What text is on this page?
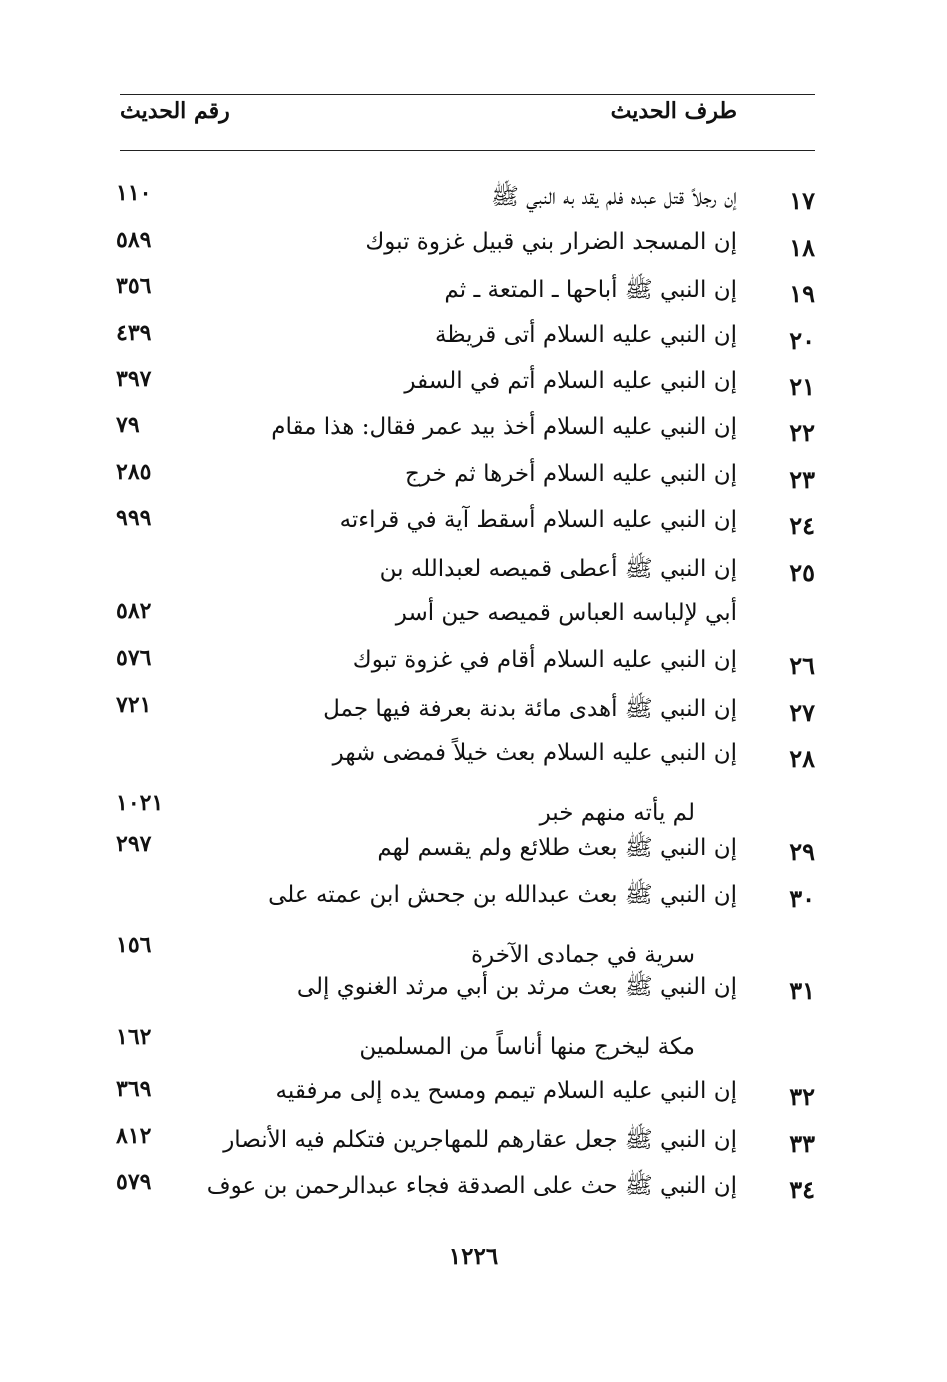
طرف الحديث
رقم الحديث
١٧
إن رجلاً قتل عبده فلم يقد به النبي ﷺ
١١٠
١٨
إن المسجد الضرار بني قبيل غزوة تبوك
٥٨٩
١٩
إن النبي ﷺ أباحها ـ المتعة ـ ثم
٣٥٦
٢٠
إن النبي عليه السلام أتى قريظة
٤٣٩
٢١
إن النبي عليه السلام أتم في السفر
٣٩٧
٢٢
إن النبي عليه السلام أخذ بيد عمر فقال: هذا مقام
٧٩
٢٣
إن النبي عليه السلام أخرها ثم خرج
٢٨٥
٢٤
إن النبي عليه السلام أسقط آية في قراءته
٩٩٩
٢٥
إن النبي ﷺ أعطى قميصه لعبدالله بن
أبي لإلباسه العباس قميصه حين أسر
٥٨٢
٢٦
إن النبي عليه السلام أقام في غزوة تبوك
٥٧٦
٢٧
إن النبي ﷺ أهدى مائة بدنة بعرفة فيها جمل
٧٢١
٢٨
إن النبي عليه السلام بعث خيلاً فمضى شهر
لم يأته منهم خبر
١٠٢١
٢٩
إن النبي ﷺ بعث طلائع ولم يقسم لهم
٢٩٧
٣٠
إن النبي ﷺ بعث عبدالله بن جحش ابن عمته على
سرية في جمادى الآخرة
١٥٦
٣١
إن النبي ﷺ بعث مرثد بن أبي مرثد الغنوي إلى
مكة ليخرج منها أناساً من المسلمين
١٦٢
٣٢
إن النبي عليه السلام تيمم ومسح يده إلى مرفقيه
٣٦٩
٣٣
إن النبي ﷺ جعل عقارهم للمهاجرين فتكلم فيه الأنصار
٨١٢
٣٤
إن النبي ﷺ حث على الصدقة فجاء عبدالرحمن بن عوف
٥٧٩
١٢٢٦
